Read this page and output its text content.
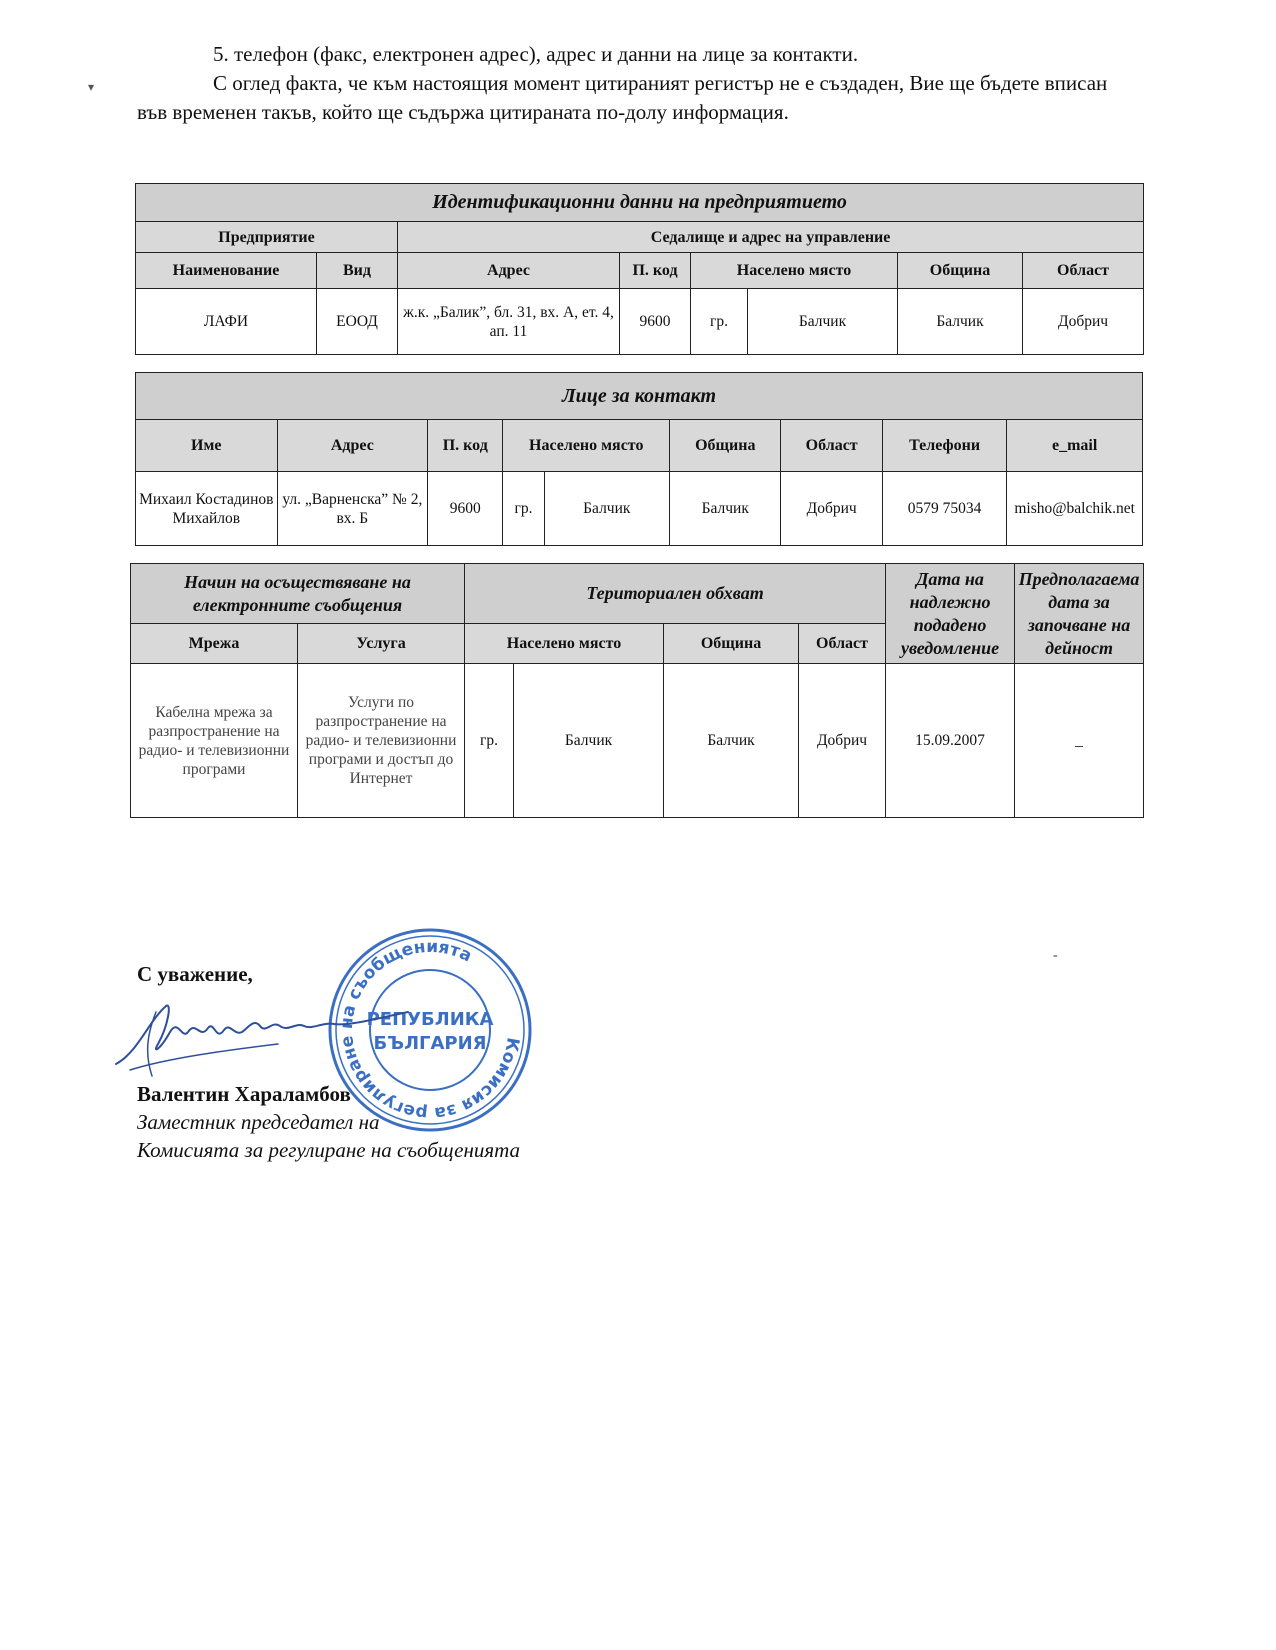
5. телефон (факс, електронен адрес), адрес и данни на лице за контакти.

С оглед факта, че към настоящия момент цитираният регистър не е създаден, Вие ще бъдете вписан във временен такъв, който ще съдържа цитираната по-долу информация.

Идентификационни данни на предприятието							
Предприятие		Седалище и адрес на управление					
Наименование	Вид	Адрес	П. код	Населено място		Община	Област
ЛАФИ	ЕООД	ж.к. „Балик”, бл. 31, вх. А, ет. 4, ап. 11	9600	гр.	Балчик	Балчик	Добрич
Лице за контакт								
Име	Адрес	П. код	Населено място		Община	Област	Телефони	e_mail
Михаил Костадинов Михайлов	ул. „Варненска” № 2, вх. Б	9600	гр.	Балчик	Балчик	Добрич	0579 75034	misho@balchik.net
Начин на осъществяване на електронните съобщения		Териториален обхват				Дата на надлежно подадено уведомление	Предполагаема дата за започване на дейност
Мрежа	Услуга	Населено място		Община	Област		
Кабелна мрежа за разпространение на радио- и телевизионни програми	Услуги по разпространение на радио- и телевизионни програми и достъп до Интернет	гр.	Балчик	Балчик	Добрич	15.09.2007	_
С уважение,
Комисия за регулиране на съобщенията
РЕПУБЛИКА
БЪЛГАРИЯ
Валентин Хараламбов
Заместник председател на
Комисията за регулиране на съобщенията
▾
-
